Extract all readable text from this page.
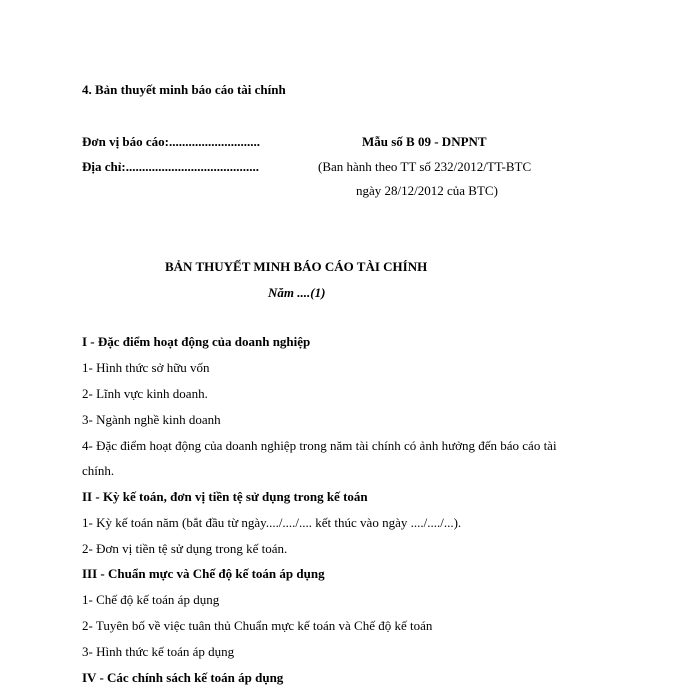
4. Bản thuyết minh báo cáo tài chính
Đơn vị báo cáo:............................
Địa chỉ:.........................................
Mẫu số B 09 - DNPNT
(Ban hành theo TT số 232/2012/TT-BTC
ngày 28/12/2012 của BTC)
BẢN THUYẾT MINH BÁO CÁO TÀI CHÍNH
Năm ....(1)
I - Đặc điểm hoạt động của doanh nghiệp
1- Hình thức sở hữu vốn
2- Lĩnh vực kinh doanh.
3- Ngành nghề kinh doanh
4- Đặc điểm hoạt động của doanh nghiệp trong năm tài chính có ảnh hưởng đến báo cáo tài
chính.
II - Kỳ kế toán, đơn vị tiền tệ sử dụng trong kế toán
1- Kỳ kế toán năm (bắt đầu từ ngày..../..../.... kết thúc vào ngày ..../..../...).
2- Đơn vị tiền tệ sử dụng trong kế toán.
III - Chuẩn mực và Chế độ kế toán áp dụng
1- Chế độ kế toán áp dụng
2- Tuyên bố về việc tuân thủ Chuẩn mực kế toán và Chế độ kế toán
3- Hình thức kế toán áp dụng
IV - Các chính sách kế toán áp dụng
